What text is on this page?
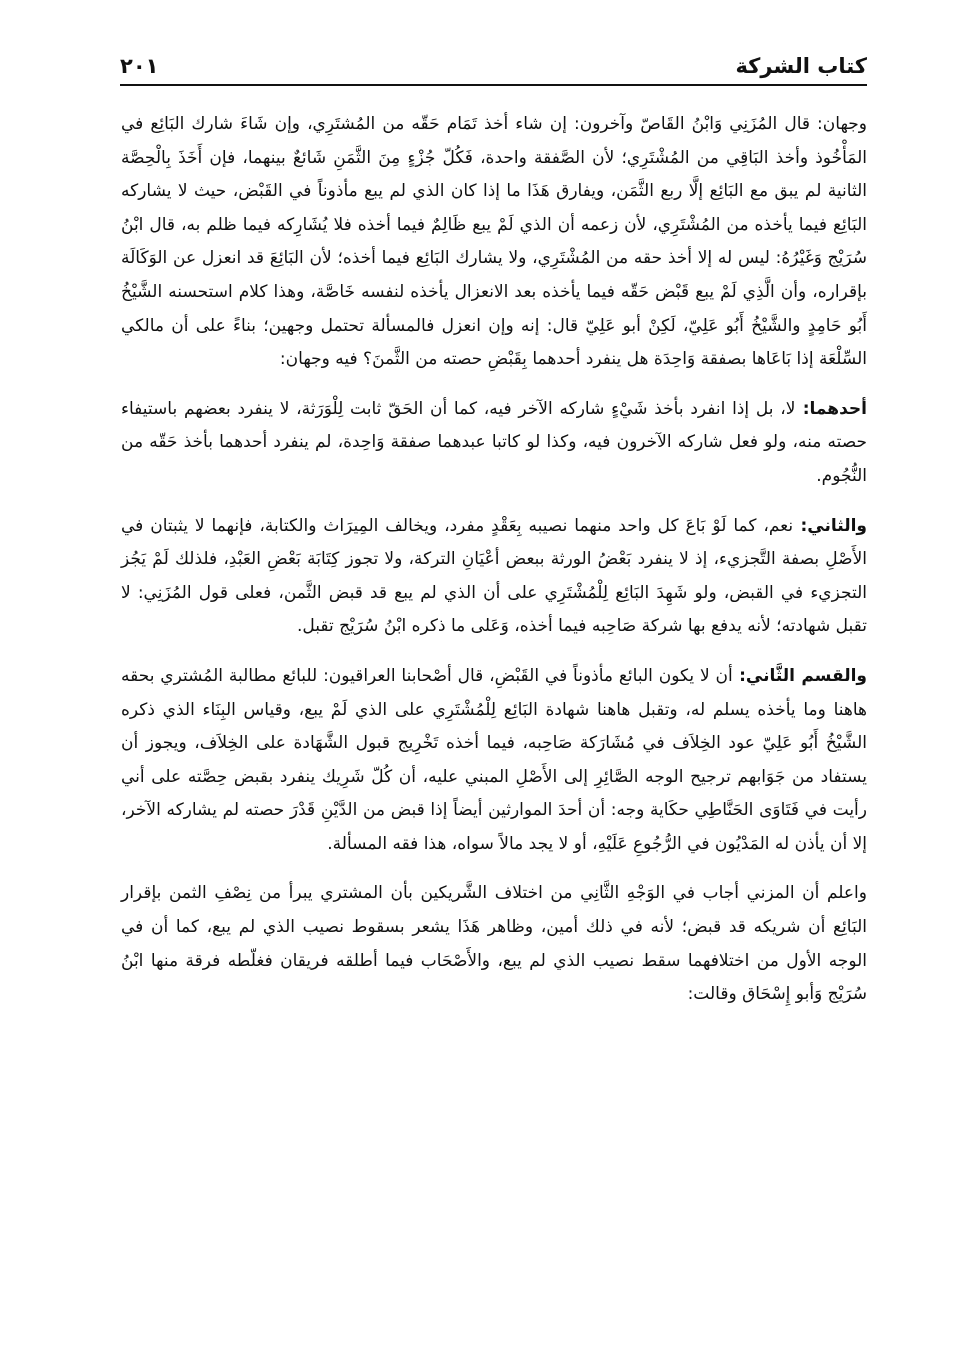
كتاب الشركة
٢٠١

وجهان: قال المُزَنِي وَابْنُ القَاصّ وآخرون: إن شاء أخذ تَمَام حَقّه من المُشتَرِي، وإن شَاءَ شارك البَائِع في المَأْخُوذ وأخذ البَاقِي من المُشْتَرِي؛ لأن الصَّفقة واحدة، فَكُلّ جُزْءٍ مِنَ الثَّمَنِ شَائعٌ بينهما، فإن أَخَذَ بِالْحِصَّة الثانية لم يبق مع البَائِع إلَّا ربع الثَّمَن، ويفارق هَذَا ما إذا كان الذي لم يبع مأذوناً في القَبْض، حيث لا يشاركه البَائِع فيما يأخذه من المُشْتَرِي، لأن زعمه أن الذي لَمْ يبع ظَالِمٌ فيما أخذه فلا يُشَارِكه فيما ظلم به، قال ابْنُ سُرَيْج وَغَيْرُهُ: ليس له إلا أخذ حقه من المُشْتَرِي، ولا يشارك البَائِع فيما أخذه؛ لأن البَائِعَ قد انعزل عن الوَكَالَة بإقراره، وأن الَّذِي لَمْ يبع قَبْض حَقّه فيما يأخذه بعد الانعزال يأخذه لنفسه خَاصَّة، وهذا كلام استحسنه الشَّيْخُ أَبُو حَامِدٍ والشَّيْخُ أَبُو عَلِيّ، لَكِنْ أبو عَلِيّ قال: إنه وإن انعزل فالمسألة تحتمل وجهين؛ بناءً على أن مالكي السِّلْعَة إذا بَاعَاها بصفقة وَاحِدَة هل ينفرد أحدهما بِقَبْضِ حصته من الثَّمنَ؟ فيه وجهان:

أحدهما: لا، بل إذا انفرد بأخذ شَيْءٍ شاركه الآخر فيه، كما أن الحَقّ ثابت لِلْوَرَثة، لا ينفرد بعضهم باستيفاء حصته منه، ولو فعل شاركه الآخرون فيه، وكذا لو كاتبا عبدهما صفقة وَاحِدة، لم ينفرد أحدهما بأخذ حَقّه من النُّجُوم.

والثاني: نعم، كما لَوْ بَاعَ كل واحد منهما نصيبه بِعَقْدٍ مفرد، ويخالف المِيرَاث والكتابة، فإنهما لا يثبتان في الأَصْلِ بصفة التَّجزيء، إذ لا ينفرد بَعْضُ الورثة ببعض أعْيَانِ التركة، ولا تجوز كِتَابَة بَعْضِ العَبْدِ، فلذلك لَمْ يَجُز التجزيء في القبض، ولو شَهِدَ البَائِع لِلْمُشْتَرِي على أن الذي لم يبع قد قبض الثَّمن، فعلى قول المُزَنِي: لا تقبل شهادته؛ لأنه يدفع بها شركة صَاحِبه فيما أخذه، وَعَلى ما ذكره ابْنُ سُرَيْج تقبل.

والقسم الثَّاني: أن لا يكون البائع مأذوناً في القَبْضِ، قال أصْحابنا العراقيون: للبائع مطالبة المُشتري بحقه هاهنا وما يأخذه يسلم له، وتقبل هاهنا شهادة البَائِع لِلْمُشْتَرِي على الذي لَمْ يبع، وقياس البِنَاء الذي ذكره الشَّيْخُ أَبُو عَلِيّ عود الخِلاَف في مُشَارَكة صَاحِبه، فيما أخذه تَخْرِيج قبول الشَّهَادة على الخِلاَف، ويجوز أن يستفاد من جَوَابهم ترجيح الوجه الصَّائِرِ إلى الأَصْلِ المبني عليه، أن كُلّ شَرِيك ينفرد بقبض حِصَّته على أني رأيت في فَتَاوَى الحَنَّاطِي حكَاية وجه: أن أحدَ الموارثين أيضاً إذا قبض من الدَّيْنِ قَدْرَ حصته لم يشاركه الآخر، إلا أن يأذن له المَدْيُون في الرُّجُوعِ عَلَيْهِ، أو لا يجد مالاً سواه، هذا فقه المسألة.

واعلم أن المزني أجاب في الوَجْهِ الثَّانِي من اختلاف الشَّريكين بأن المشتري يبرأ من نِصْفِ الثمن بإقرار البَائِع أن شريكه قد قبض؛ لأنه في ذلك أمين، وظاهر هَذَا يشعر بسقوط نصيب الذي لم يبع، كما أن في الوجه الأول من اختلافهما سقط نصيب الذي لم يبع، والأَصْحَاب فيما أطلقه فريقان فغلّطه فرقة منها ابْنُ سُرَيْج وَأبو إِسْحَاق وقالت:
